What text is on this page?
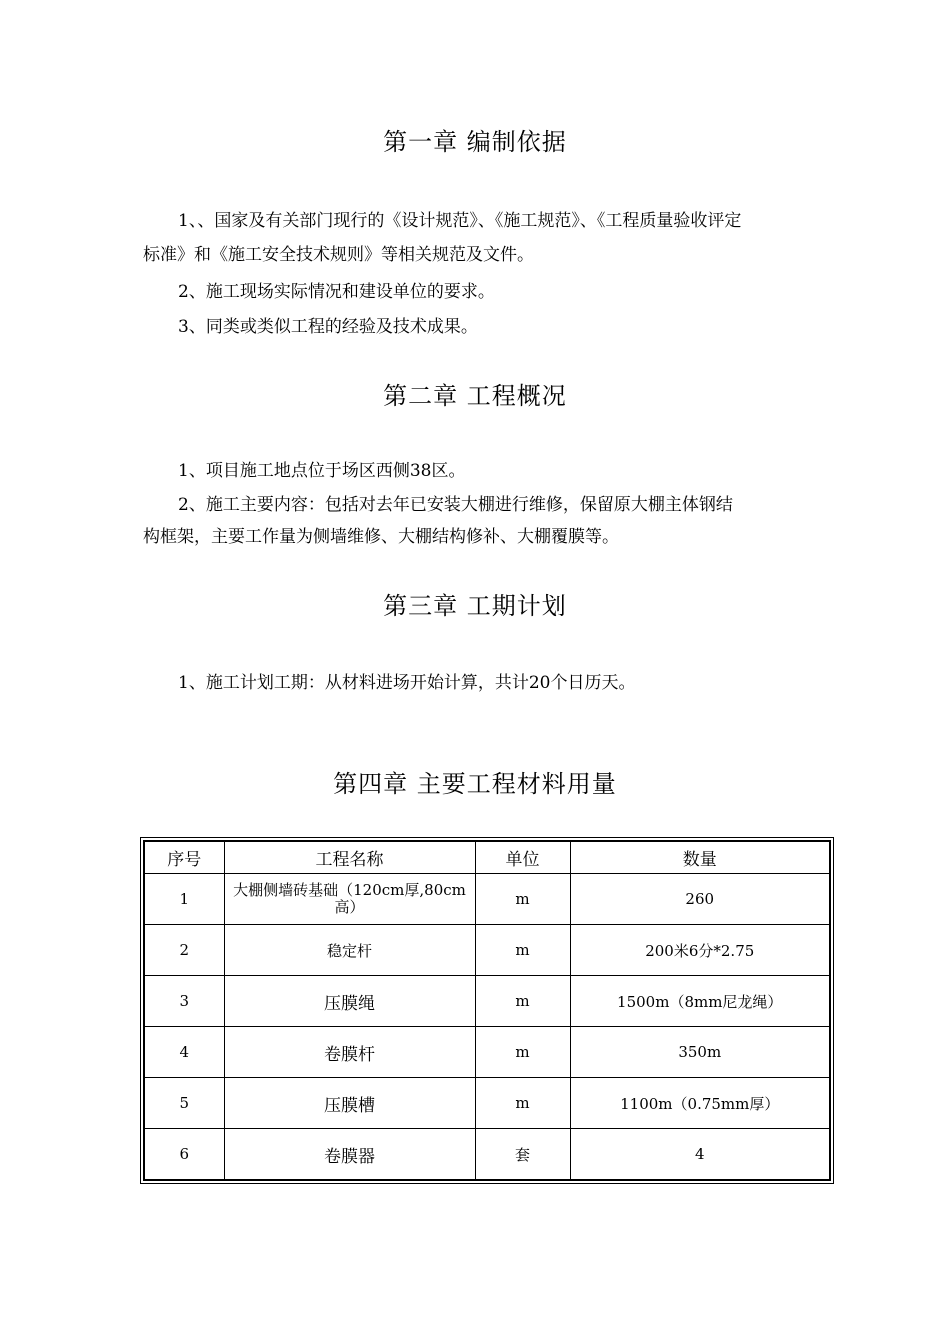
第一章 编制依据
1、、国家及有关部门现行的《设计规范》、《施工规范》、《工程质量验收评定
标准》和《施工安全技术规则》等相关规范及文件。
2、施工现场实际情况和建设单位的要求。
3、同类或类似工程的经验及技术成果。
第二章 工程概况
1、项目施工地点位于场区西侧38区。
2、施工主要内容：包括对去年已安装大棚进行维修，保留原大棚主体钢结
构框架，主要工作量为侧墙维修、大棚结构修补、大棚覆膜等。
第三章 工期计划
1、施工计划工期：从材料进场开始计算，共计20个日历天。
第四章 主要工程材料用量
序号	工程名称	单位	数量
1	大棚侧墙砖基础（120cm厚,80cm高）	m	260
2	稳定杆	m	200米6分*2.75
3	压膜绳	m	1500m（8mm尼龙绳）
4	卷膜杆	m	350m
5	压膜槽	m	1100m（0.75mm厚）
6	卷膜器	套	4
